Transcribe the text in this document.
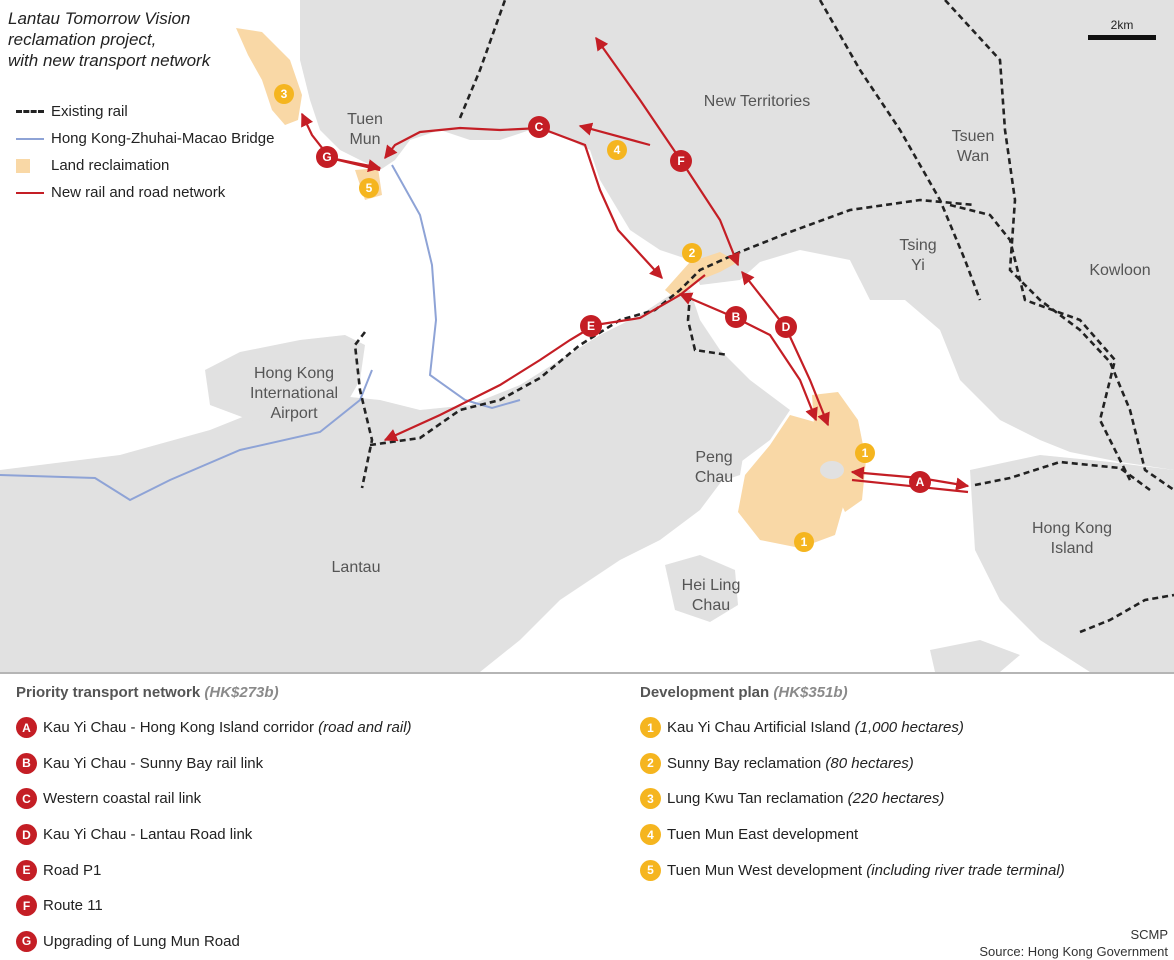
A
B
C
D
E
F
G
1
1
2
3
4
5
Lantau Tomorrow Vision
reclamation project,
with new transport network
Existing rail
Hong Kong-Zhuhai-Macao Bridge
Land reclaimation
New rail and road network
2km
New Territories
Tuen
Mun	Tsuen
Wan
Tsing
Yi	Kowloon
Hong Kong
International
Airport
Peng
Chau
Lantau
Hei Ling
Chau
Hong Kong
Island
Priority transport network (HK$273b)
A Kau Yi Chau - Hong Kong Island corridor
(road and rail)
B Kau Yi Chau - Sunny Bay rail link
C Western coastal rail link
D Kau Yi Chau - Lantau Road link
E Road P1
F Route 11
G Upgrading of Lung Mun Road
Development plan (HK$351b)
1 Kau Yi Chau Artificial Island
(1,000 hectares)
2 Sunny Bay reclamation
(80 hectares)
3 Lung Kwu Tan reclamation
(220 hectares)
4 Tuen Mun East development
5 Tuen Mun West development
(including river trade terminal)
SCMP
Source: Hong Kong Government
